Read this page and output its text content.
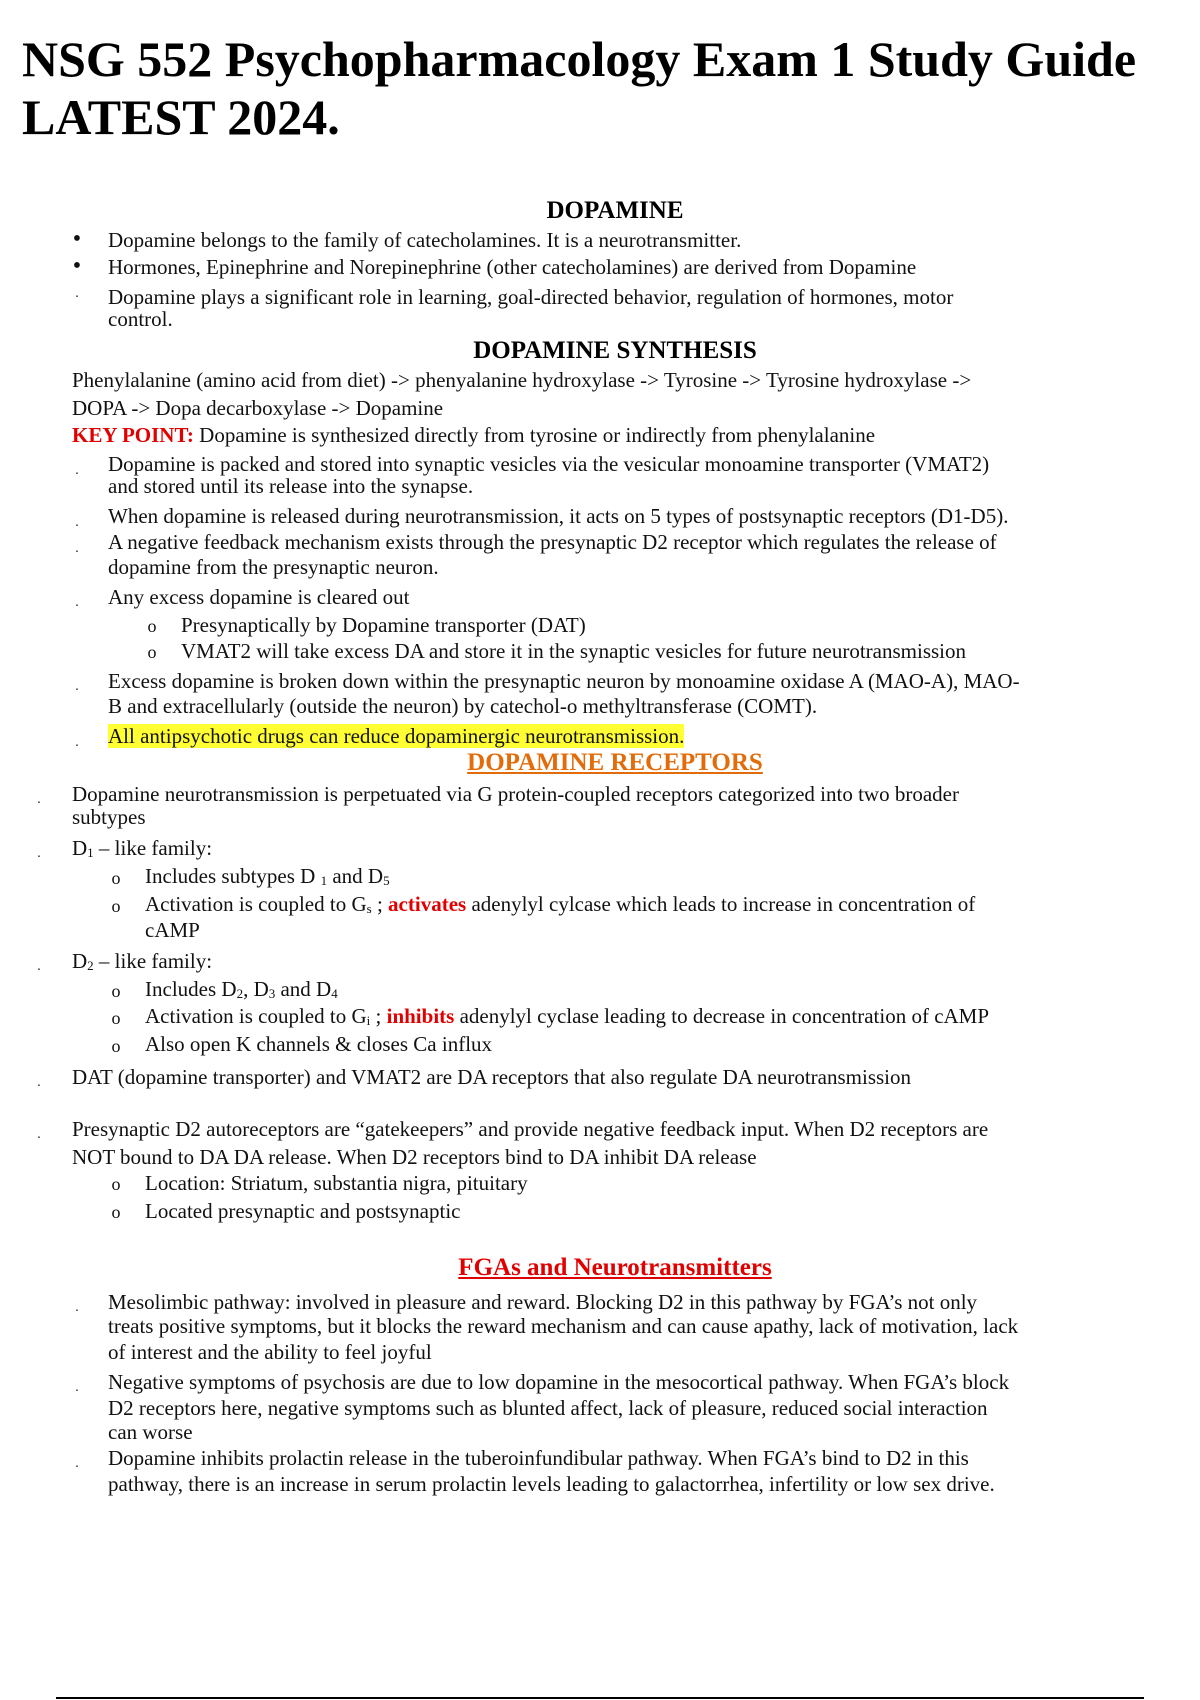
NSG 552 Psychopharmacology Exam 1 Study Guide LATEST 2024.
DOPAMINE
• Dopamine belongs to the family of catecholamines. It is a neurotransmitter.
• Hormones, Epinephrine and Norepinephrine (other catecholamines) are derived from Dopamine
· Dopamine plays a significant role in learning, goal-directed behavior, regulation of hormones, motor
control.
DOPAMINE SYNTHESIS
Phenylalanine (amino acid from diet) -> phenyalanine hydroxylase -> Tyrosine -> Tyrosine hydroxylase ->
DOPA -> Dopa decarboxylase -> Dopamine
KEY POINT: Dopamine is synthesized directly from tyrosine or indirectly from phenylalanine
· Dopamine is packed and stored into synaptic vesicles via the vesicular monoamine transporter (VMAT2)
and stored until its release into the synapse.
· When dopamine is released during neurotransmission, it acts on 5 types of postsynaptic receptors (D1-D5).
· A negative feedback mechanism exists through the presynaptic D2 receptor which regulates the release of
dopamine from the presynaptic neuron.
· Any excess dopamine is cleared out
o Presynaptically by Dopamine transporter (DAT)
o VMAT2 will take excess DA and store it in the synaptic vesicles for future neurotransmission
· Excess dopamine is broken down within the presynaptic neuron by monoamine oxidase A (MAO-A), MAO-
B and extracellularly (outside the neuron) by catechol-o methyltransferase (COMT).
· All antipsychotic drugs can reduce dopaminergic neurotransmission.
DOPAMINE RECEPTORS
· Dopamine neurotransmission is perpetuated via G protein-coupled receptors categorized into two broader
subtypes
· $D_1$ – like family:
o Includes subtypes D $_1$ and $D_5$
o Activation is coupled to $G_s$ ; activates adenylyl cylcase which leads to increase in concentration of
cAMP
· $D_2$ – like family:
o Includes $D_2$, $D_3$ and $D_4$
o Activation is coupled to $G_i$ ; inhibits adenylyl cyclase leading to decrease in concentration of cAMP
o Also open K channels & closes Ca influx
· DAT (dopamine transporter) and VMAT2 are DA receptors that also regulate DA neurotransmission
· Presynaptic D2 autoreceptors are “gatekeepers” and provide negative feedback input. When D2 receptors are
NOT bound to DA DA release. When D2 receptors bind to DA inhibit DA release
o Location: Striatum, substantia nigra, pituitary
o Located presynaptic and postsynaptic
FGAs and Neurotransmitters
· Mesolimbic pathway: involved in pleasure and reward. Blocking D2 in this pathway by FGA’s not only
treats positive symptoms, but it blocks the reward mechanism and can cause apathy, lack of motivation, lack
of interest and the ability to feel joyful
· Negative symptoms of psychosis are due to low dopamine in the mesocortical pathway. When FGA’s block
D2 receptors here, negative symptoms such as blunted affect, lack of pleasure, reduced social interaction
can worse
· Dopamine inhibits prolactin release in the tuberoinfundibular pathway. When FGA’s bind to D2 in this
pathway, there is an increase in serum prolactin levels leading to galactorrhea, infertility or low sex drive.
